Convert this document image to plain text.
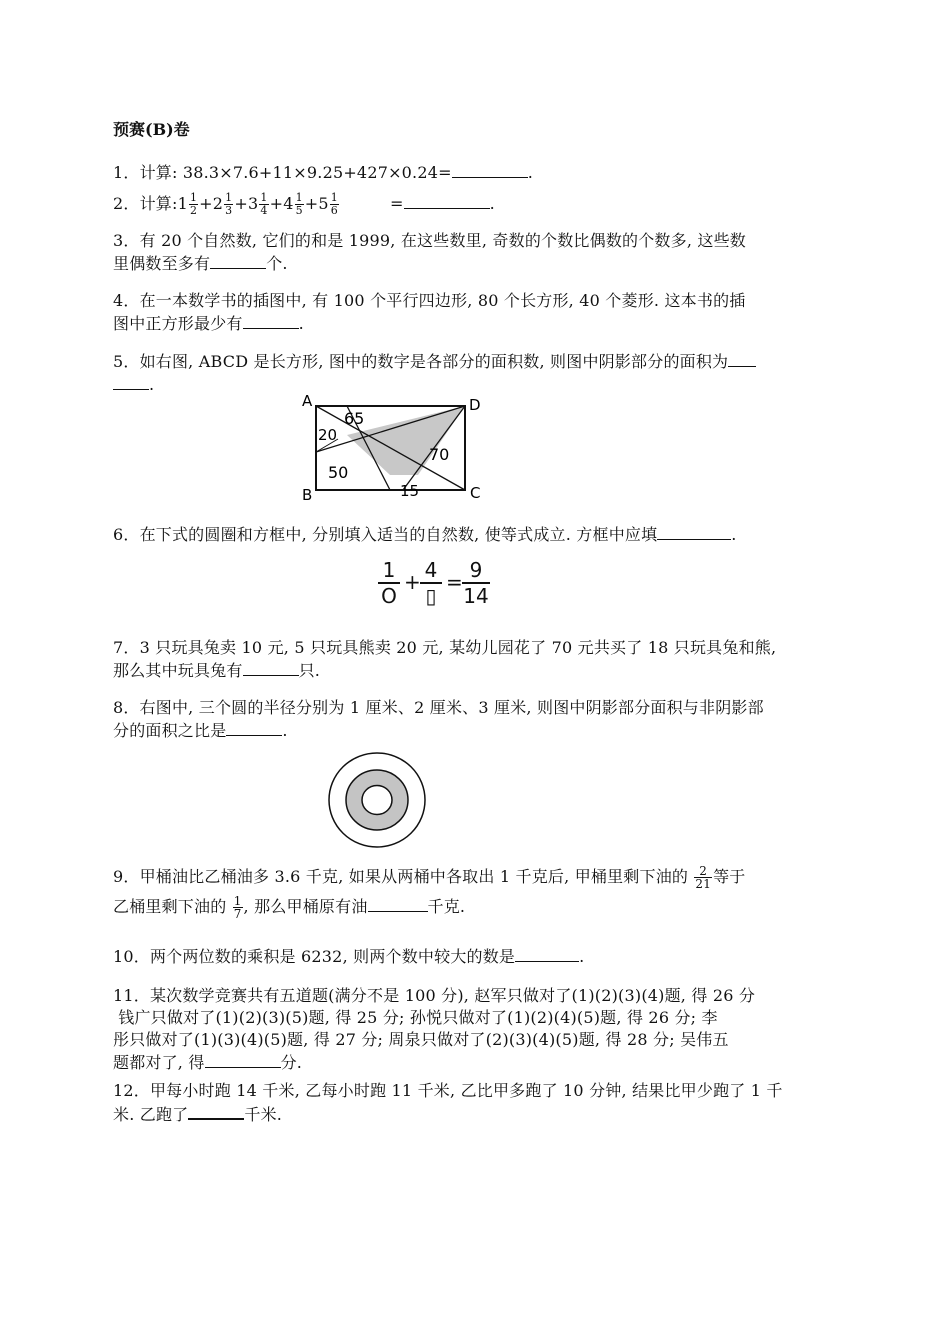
预赛(B)卷
1．计算: 38.3×7.6+11×9.25+427×0.24=	.
2．计算:1 $\frac{1}{2} +2 \frac{1}{3} +3 \frac{1}{4} +4 \frac{1}{5} +5 \frac{1}{6}$	=	.
3．有 20 个自然数, 它们的和是 1999, 在这些数里, 奇数的个数比偶数的个数多, 这些数
里偶数至多有	个.
4．在一本数学书的插图中, 有 100 个平行四边形, 80 个长方形, 40 个菱形. 这本书的插
图中正方形最少有	.
5．如右图, ABCD 是长方形, 图中的数字是各部分的面积数, 则图中阴影部分的面积为
.
A	D
B	C
65
20
70
50
15
6．在下式的圆圈和方框中, 分别填入适当的自然数, 使等式成立. 方框中应填	.
$\frac{1}{O} + 4$
▯
= $\frac{9}{14}$
7．3 只玩具兔卖 10 元, 5 只玩具熊卖 20 元, 某幼儿园花了 70 元共买了 18 只玩具兔和熊,
那么其中玩具兔有	只.
8．右图中, 三个圆的半径分别为 1 厘米、2 厘米、3 厘米, 则图中阴影部分面积与非阴影部
分的面积之比是	.
9．甲桶油比乙桶油多 3.6 千克, 如果从两桶中各取出 1 千克后, 甲桶里剩下油的 $\frac{2}{21}$ 等于
乙桶里剩下油的 $\frac{1}{7}$ , 那么甲桶原有油	千克.
10．两个两位数的乘积是 6232, 则两个数中较大的数是	.
11．某次数学竞赛共有五道题(满分不是 100 分), 赵军只做对了(1)(2)(3)(4)题, 得 26 分
钱广只做对了(1)(2)(3)(5)题, 得 25 分; 孙悦只做对了(1)(2)(4)(5)题, 得 26 分; 李
彤只做对了(1)(3)(4)(5)题, 得 27 分; 周泉只做对了(2)(3)(4)(5)题, 得 28 分; 吴伟五
题都对了, 得	分.
12．甲每小时跑 14 千米, 乙每小时跑 11 千米, 乙比甲多跑了 10 分钟, 结果比甲少跑了 1 千
米. 乙跑了	千米.
